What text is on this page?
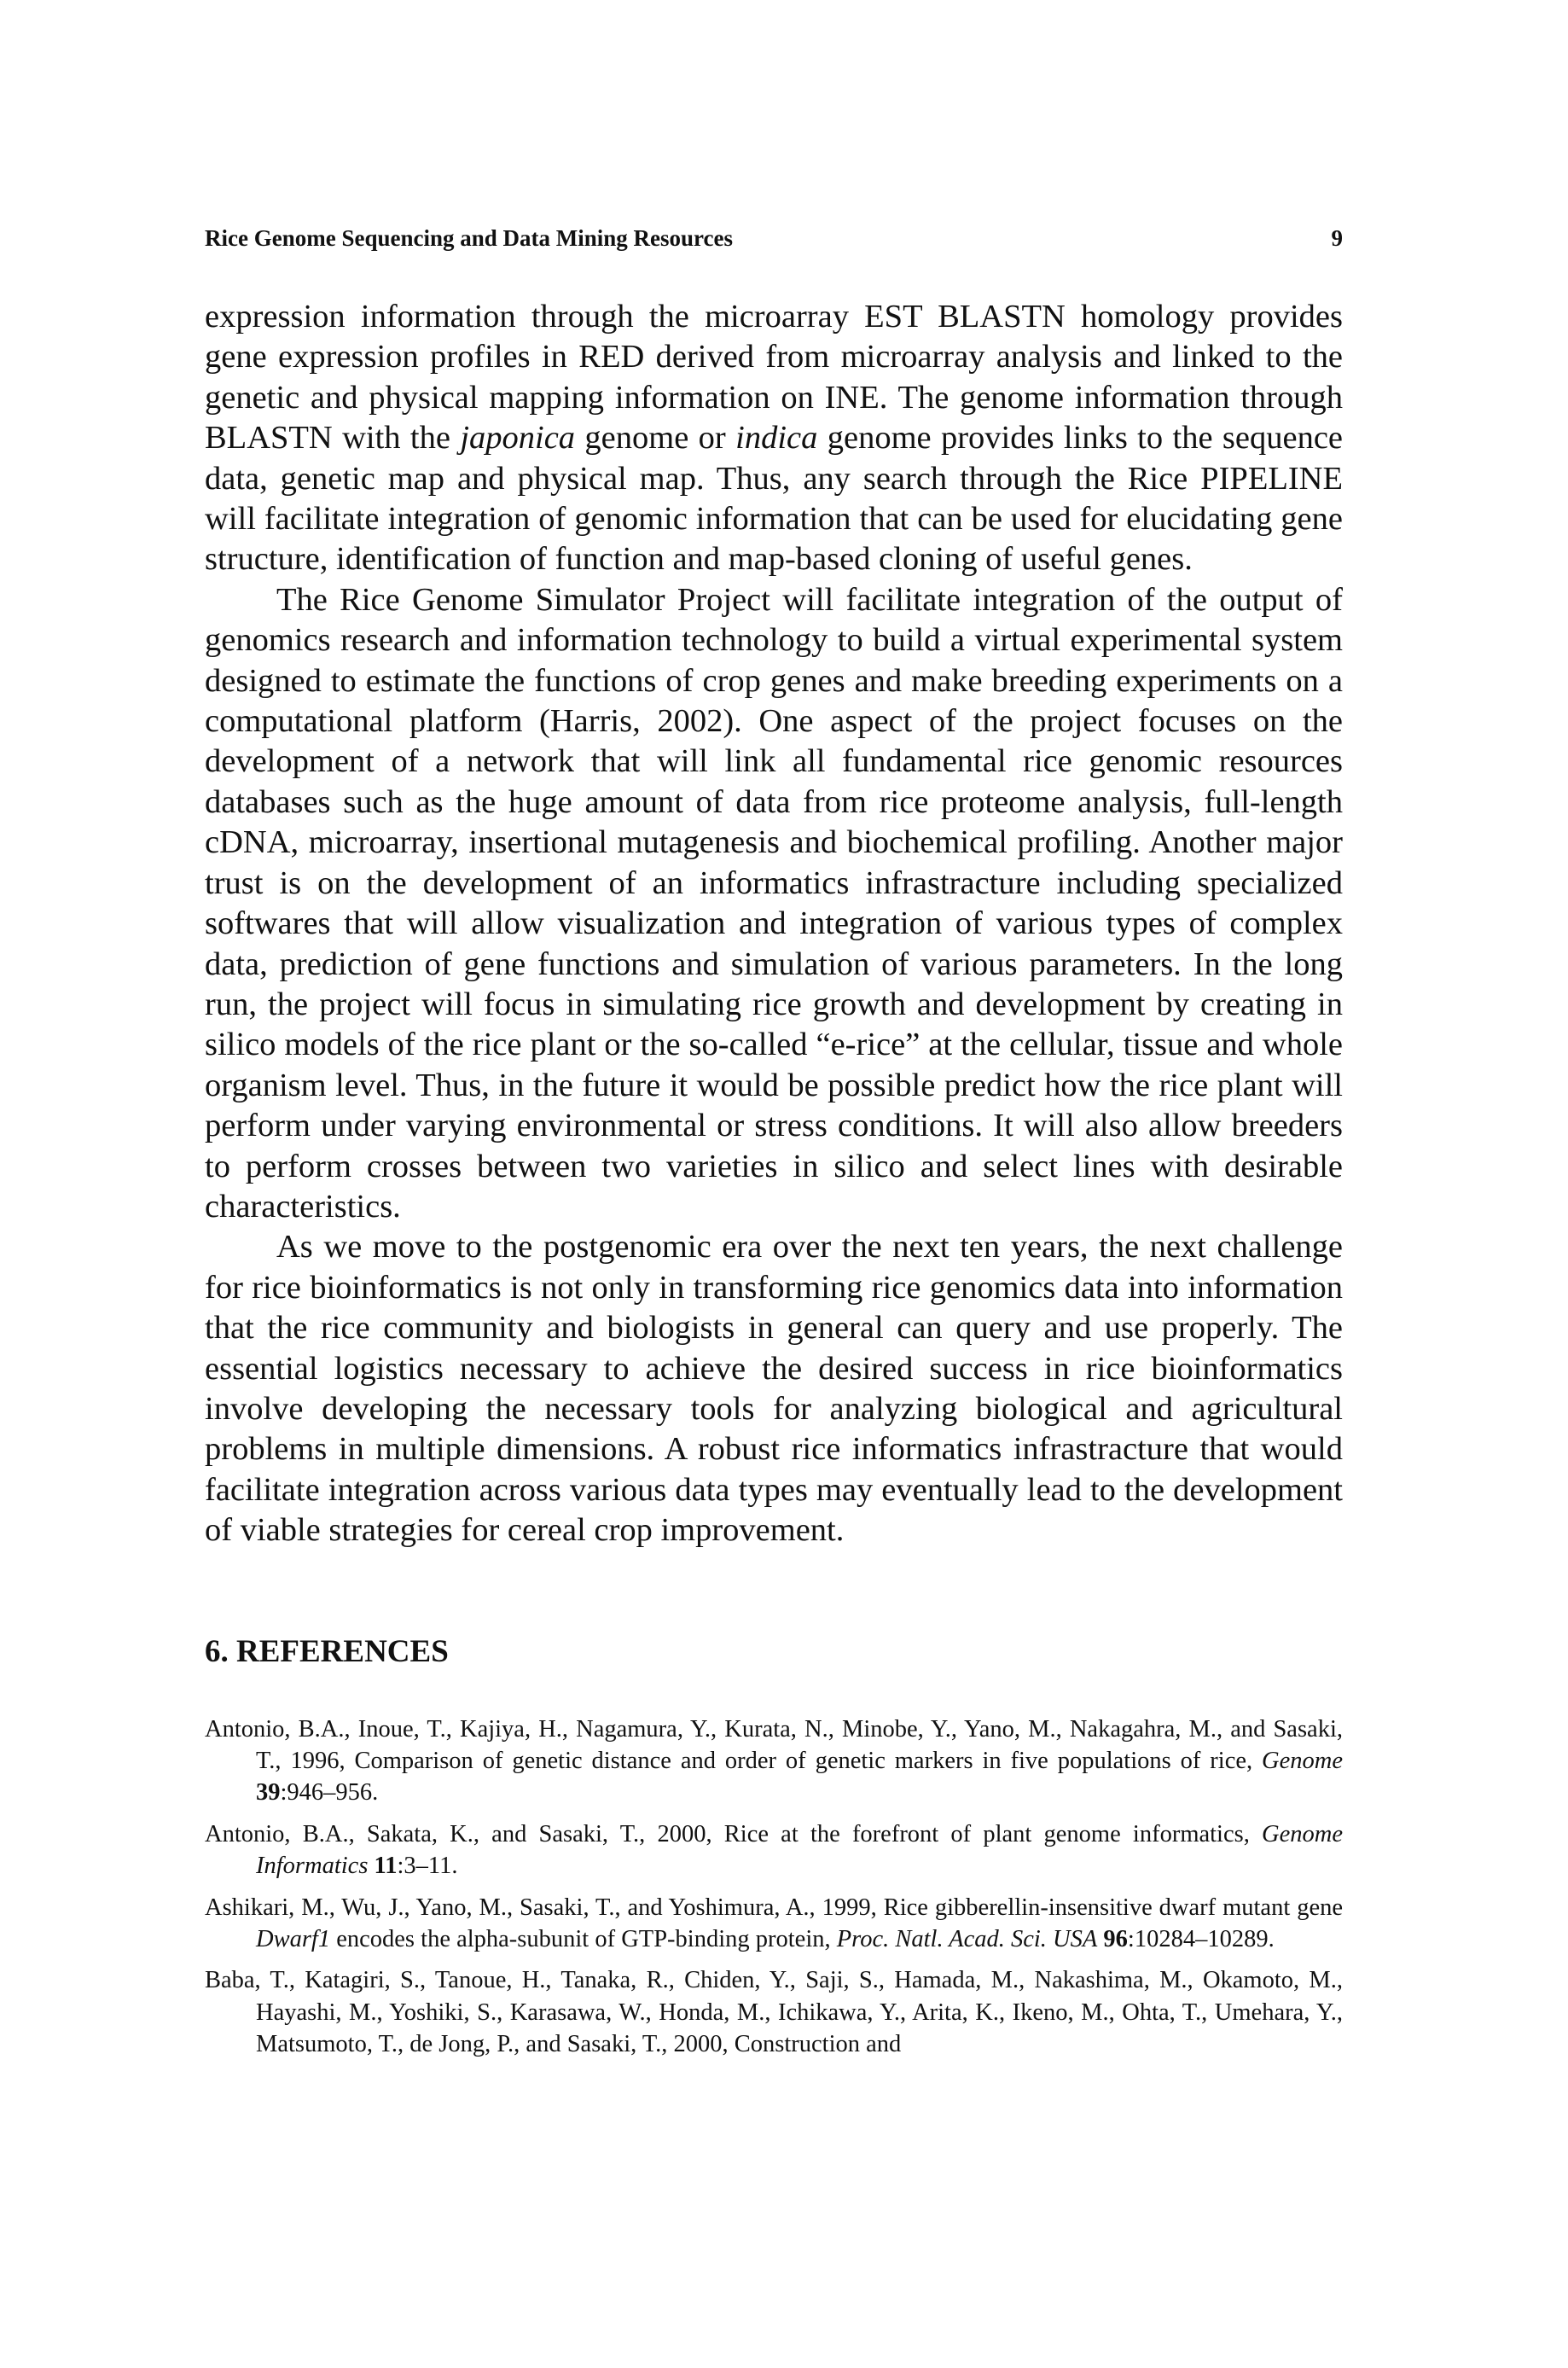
Rice Genome Sequencing and Data Mining Resources	9

expression information through the microarray EST BLASTN homology provides gene expression profiles in RED derived from microarray analysis and linked to the genetic and physical mapping information on INE. The genome information through BLASTN with the japonica genome or indica genome provides links to the sequence data, genetic map and physical map. Thus, any search through the Rice PIPELINE will facilitate integration of genomic information that can be used for elucidating gene structure, identification of function and map-based cloning of useful genes.

The Rice Genome Simulator Project will facilitate integration of the output of genomics research and information technology to build a virtual experimental system designed to estimate the functions of crop genes and make breeding experiments on a computational platform (Harris, 2002). One aspect of the project focuses on the development of a network that will link all fundamental rice genomic resources databases such as the huge amount of data from rice proteome analysis, full-length cDNA, microarray, insertional mutagenesis and biochemical profiling. Another major trust is on the development of an informatics infrastracture including specialized softwares that will allow visualization and integration of various types of complex data, prediction of gene functions and simulation of various parameters. In the long run, the project will focus in simulating rice growth and development by creating in silico models of the rice plant or the so-called “e-rice” at the cellular, tissue and whole organism level. Thus, in the future it would be possible predict how the rice plant will perform under varying environmental or stress conditions. It will also allow breeders to perform crosses between two varieties in silico and select lines with desirable characteristics.

As we move to the postgenomic era over the next ten years, the next challenge for rice bioinformatics is not only in transforming rice genomics data into information that the rice community and biologists in general can query and use properly. The essential logistics necessary to achieve the desired success in rice bioinformatics involve developing the necessary tools for analyzing biological and agricultural problems in multiple dimensions. A robust rice informatics infrastracture that would facilitate integration across various data types may eventually lead to the development of viable strategies for cereal crop improvement.

6. REFERENCES
Antonio, B.A., Inoue, T., Kajiya, H., Nagamura, Y., Kurata, N., Minobe, Y., Yano, M., Nakagahra, M., and Sasaki, T., 1996, Comparison of genetic distance and order of genetic markers in five populations of rice, Genome 39:946–956.
Antonio, B.A., Sakata, K., and Sasaki, T., 2000, Rice at the forefront of plant genome informatics, Genome Informatics 11:3–11.
Ashikari, M., Wu, J., Yano, M., Sasaki, T., and Yoshimura, A., 1999, Rice gibberellin-insensitive dwarf mutant gene Dwarf1 encodes the alpha-subunit of GTP-binding protein, Proc. Natl. Acad. Sci. USA 96:10284–10289.
Baba, T., Katagiri, S., Tanoue, H., Tanaka, R., Chiden, Y., Saji, S., Hamada, M., Nakashima, M., Okamoto, M., Hayashi, M., Yoshiki, S., Karasawa, W., Honda, M., Ichikawa, Y., Arita, K., Ikeno, M., Ohta, T., Umehara, Y., Matsumoto, T., de Jong, P., and Sasaki, T., 2000, Construction and
